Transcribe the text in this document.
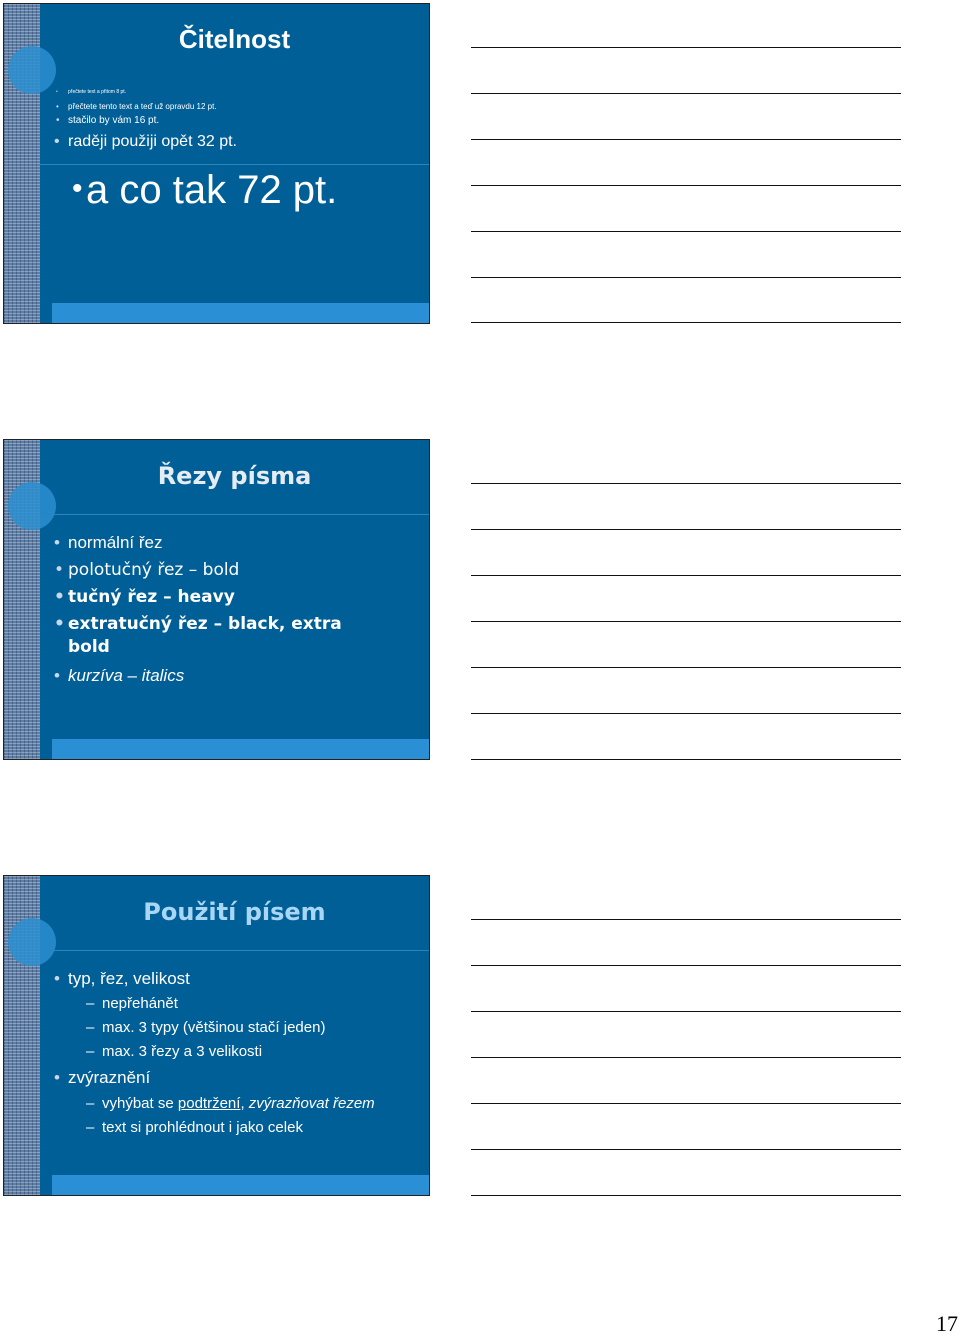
Čitelnost
• přečtete text a přitom 8 pt.
• přečtete tento text a teď už opravdu 12 pt.
• stačilo by vám 16 pt.
• raději použiji opět 32 pt.
• a co tak 72 pt.
Řezy písma
• normální řez
• polotučný řez – bold
• tučný řez – heavy
• extratučný řez – black, extra
bold
• kurzíva – italics
Použití písem
• typ, řez, velikost
– nepřehánět
– max. 3 typy (většinou stačí jeden)
– max. 3 řezy a 3 velikosti
• zvýraznění
– vyhýbat se podtržení, zvýrazňovat řezem
– text si prohlédnout i jako celek
17
